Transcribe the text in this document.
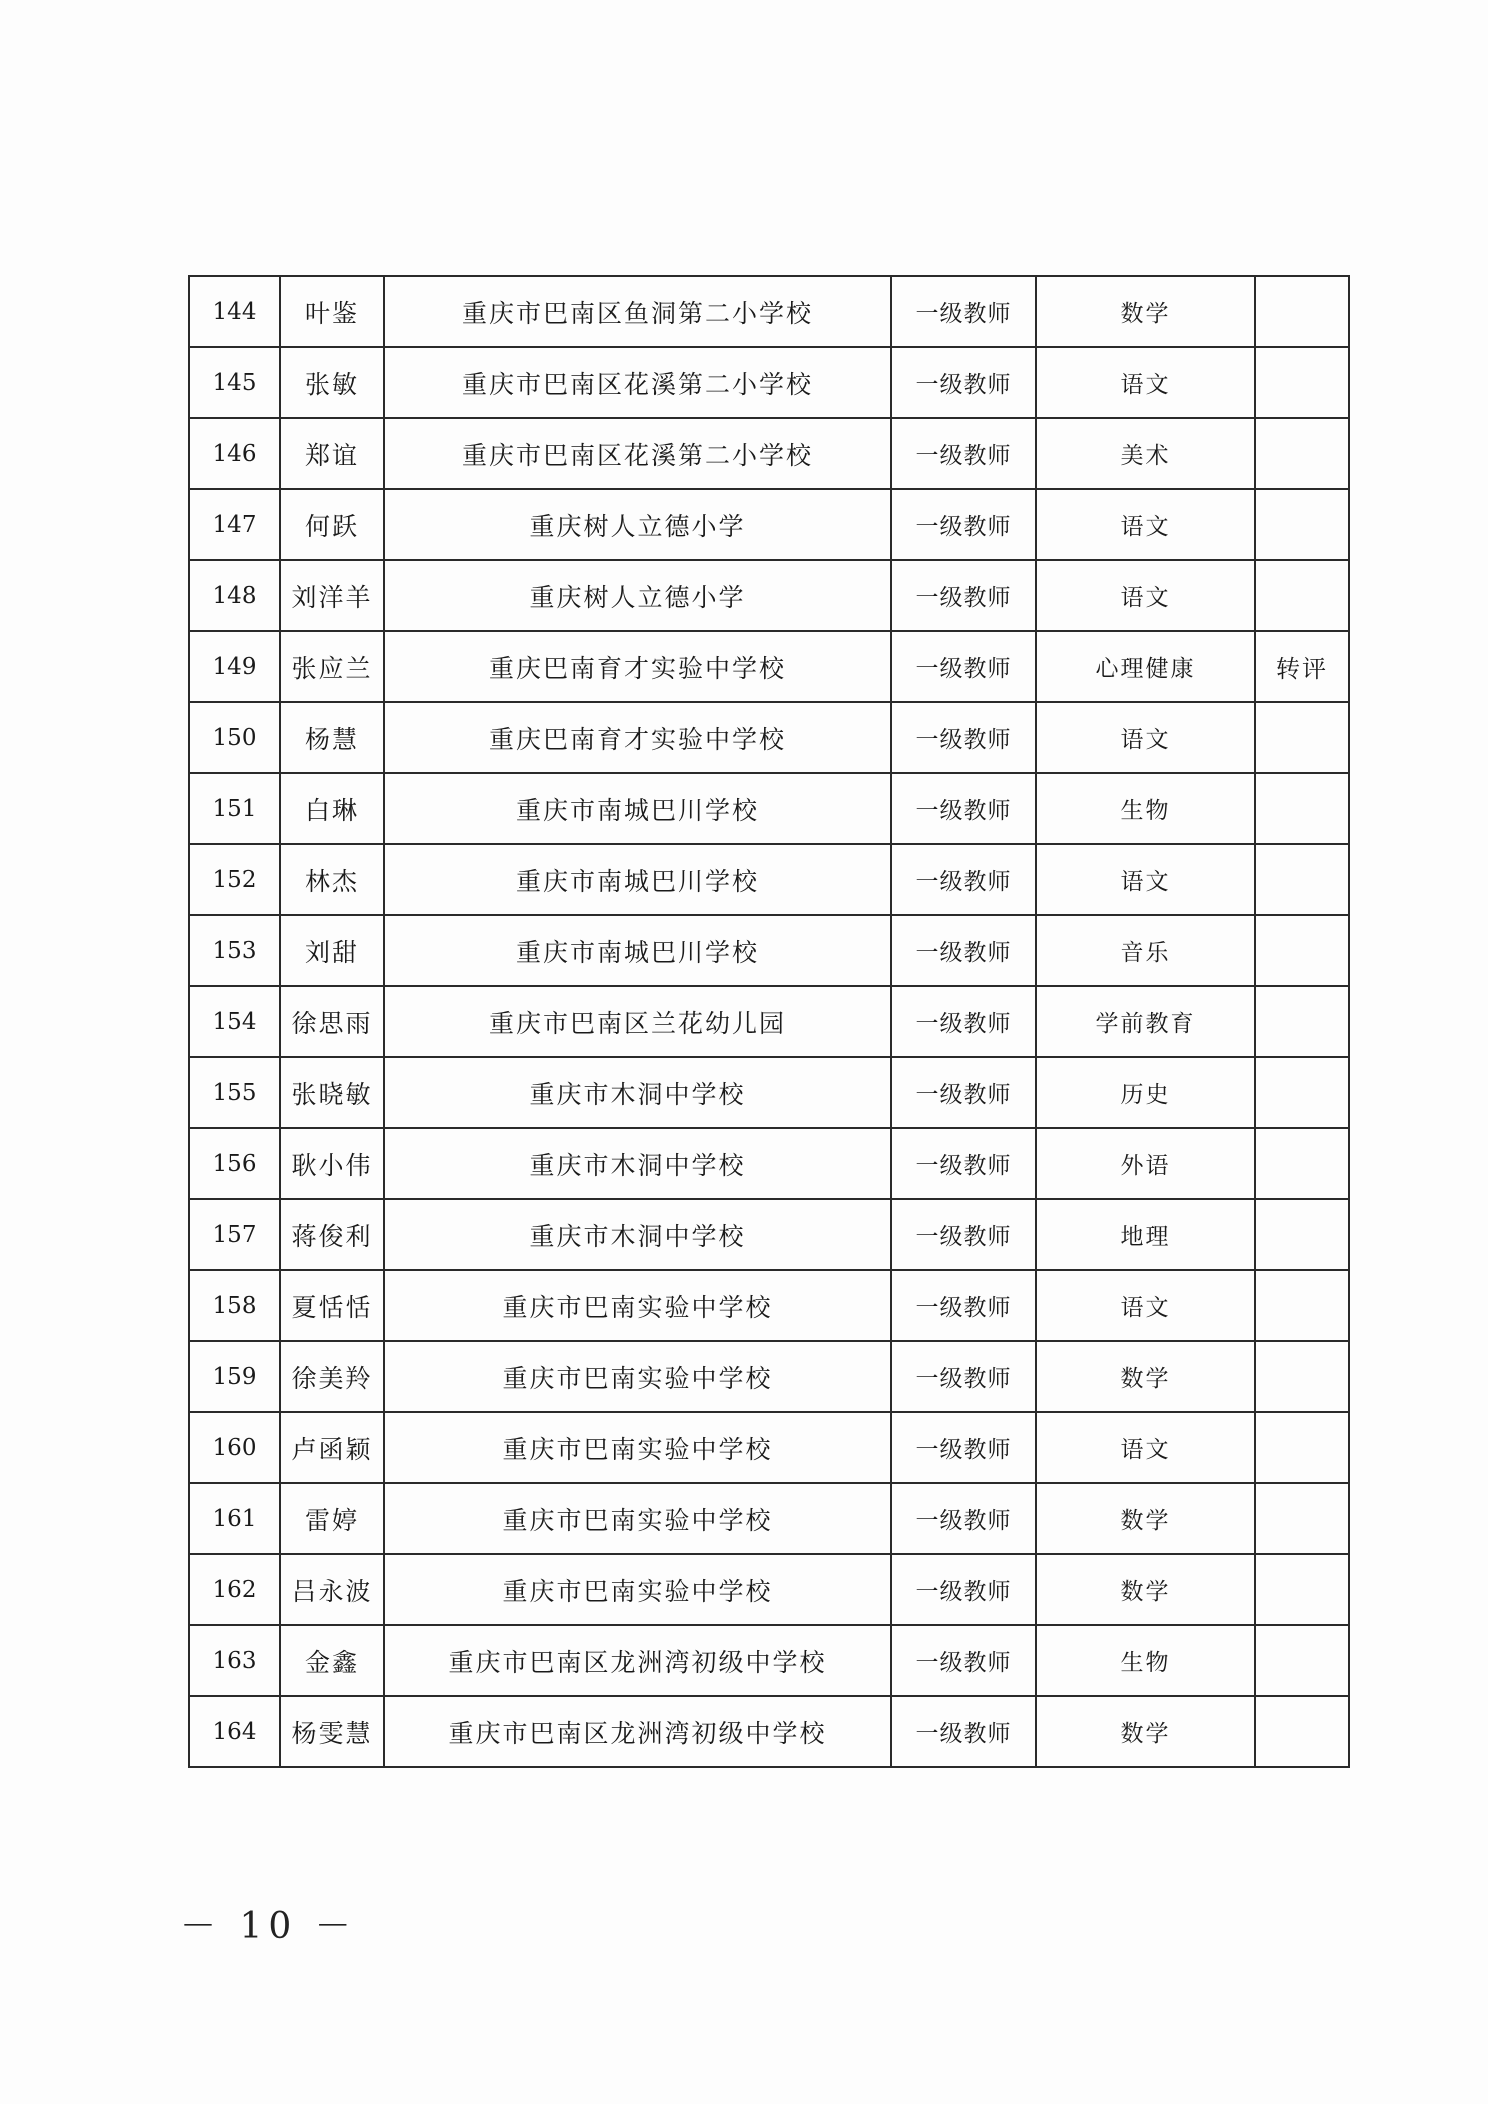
144	叶鉴	重庆市巴南区鱼洞第二小学校	一级教师	数学	
145	张敏	重庆市巴南区花溪第二小学校	一级教师	语文	
146	郑谊	重庆市巴南区花溪第二小学校	一级教师	美术	
147	何跃	重庆树人立德小学	一级教师	语文	
148	刘洋羊	重庆树人立德小学	一级教师	语文	
149	张应兰	重庆巴南育才实验中学校	一级教师	心理健康	转评
150	杨慧	重庆巴南育才实验中学校	一级教师	语文	
151	白琳	重庆市南城巴川学校	一级教师	生物	
152	林杰	重庆市南城巴川学校	一级教师	语文	
153	刘甜	重庆市南城巴川学校	一级教师	音乐	
154	徐思雨	重庆市巴南区兰花幼儿园	一级教师	学前教育	
155	张晓敏	重庆市木洞中学校	一级教师	历史	
156	耿小伟	重庆市木洞中学校	一级教师	外语	
157	蒋俊利	重庆市木洞中学校	一级教师	地理	
158	夏恬恬	重庆市巴南实验中学校	一级教师	语文	
159	徐美羚	重庆市巴南实验中学校	一级教师	数学	
160	卢函颖	重庆市巴南实验中学校	一级教师	语文	
161	雷婷	重庆市巴南实验中学校	一级教师	数学	
162	吕永波	重庆市巴南实验中学校	一级教师	数学	
163	金鑫	重庆市巴南区龙洲湾初级中学校	一级教师	生物	
164	杨雯慧	重庆市巴南区龙洲湾初级中学校	一级教师	数学	
－ 10 －
